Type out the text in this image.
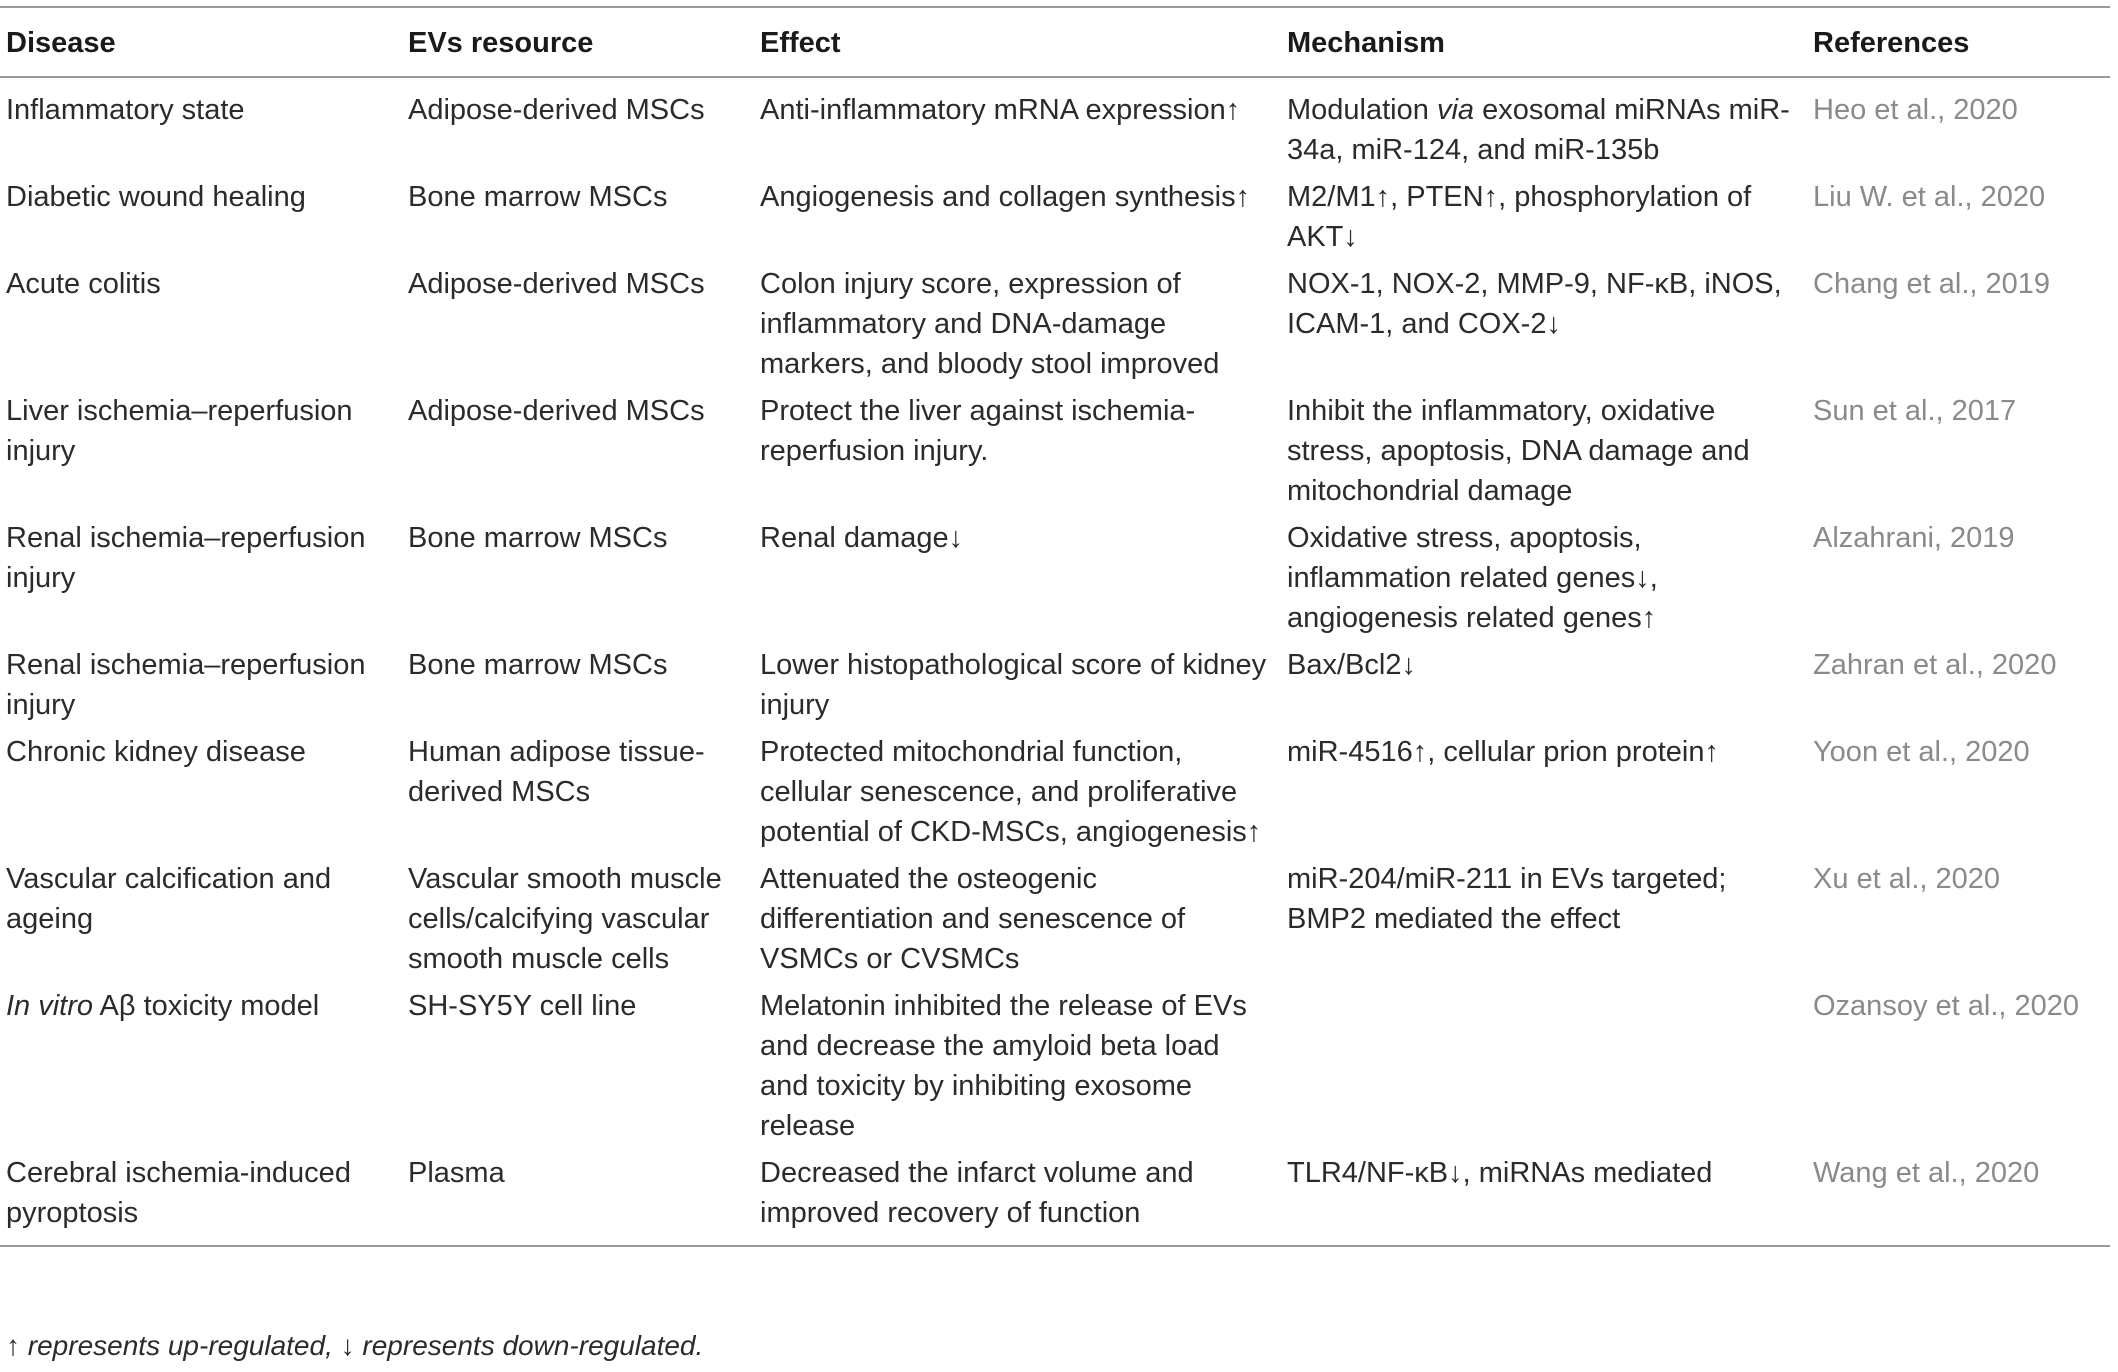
Disease	EVs resource	Effect	Mechanism	References
Inflammatory state	Adipose-derived MSCs	Anti-inflammatory mRNA expression↑	Modulation via exosomal miRNAs miR-34a, miR-124, and miR-135b	Heo et al., 2020
Diabetic wound healing	Bone marrow MSCs	Angiogenesis and collagen synthesis↑	M2/M1↑, PTEN↑, phosphorylation of AKT↓	Liu W. et al., 2020
Acute colitis	Adipose-derived MSCs	Colon injury score, expression of inflammatory and DNA-damage markers, and bloody stool improved	NOX-1, NOX-2, MMP-9, NF-κB, iNOS, ICAM-1, and COX-2↓	Chang et al., 2019
Liver ischemia–reperfusion injury	Adipose-derived MSCs	Protect the liver against ischemia-reperfusion injury.	Inhibit the inflammatory, oxidative stress, apoptosis, DNA damage and mitochondrial damage	Sun et al., 2017
Renal ischemia–reperfusion injury	Bone marrow MSCs	Renal damage↓	Oxidative stress, apoptosis, inflammation related genes↓, angiogenesis related genes↑	Alzahrani, 2019
Renal ischemia–reperfusion injury	Bone marrow MSCs	Lower histopathological score of kidney injury	Bax/Bcl2↓	Zahran et al., 2020
Chronic kidney disease	Human adipose tissue-derived MSCs	Protected mitochondrial function, cellular senescence, and proliferative potential of CKD-MSCs, angiogenesis↑	miR-4516↑, cellular prion protein↑	Yoon et al., 2020
Vascular calcification and ageing	Vascular smooth muscle cells/calcifying vascular smooth muscle cells	Attenuated the osteogenic differentiation and senescence of VSMCs or CVSMCs	miR-204/miR-211 in EVs targeted; BMP2 mediated the effect	Xu et al., 2020
In vitro Aβ toxicity model	SH-SY5Y cell line	Melatonin inhibited the release of EVs and decrease the amyloid beta load and toxicity by inhibiting exosome release		Ozansoy et al., 2020
Cerebral ischemia-induced pyroptosis	Plasma	Decreased the infarct volume and improved recovery of function	TLR4/NF-κB↓, miRNAs mediated	Wang et al., 2020
↑ represents up-regulated, ↓ represents down-regulated.
